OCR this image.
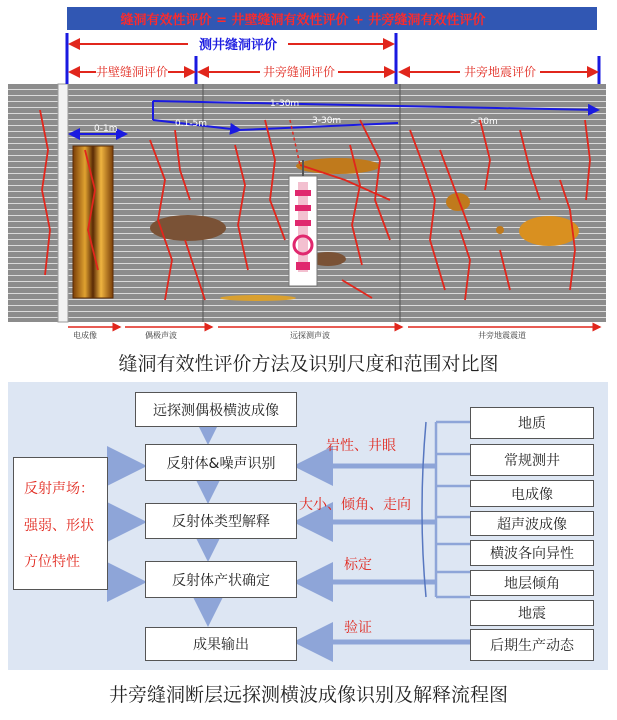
缝洞有效性评价 = 井壁缝洞有效性评价 + 井旁缝洞有效性评价
测井缝洞评价
井壁缝洞评价	井旁缝洞评价	井旁地震评价
1-30m
0.1-5m
0-1m
3-30m	>30m
电成像	偶极声波	远探测声波	井旁地震震道
缝洞有效性评价方法及识别尺度和范围对比图
反射声场：
强弱、形状
方位特性
远探测偶极横波成像
反射体&噪声识别
反射体类型解释
反射体产状确定
成果输出
岩性、井眼
大小、倾角、走向
标定
验证
地质
常规测井
电成像
超声波成像
横波各向异性
地层倾角
地震
后期生产动态
井旁缝洞断层远探测横波成像识别及解释流程图
